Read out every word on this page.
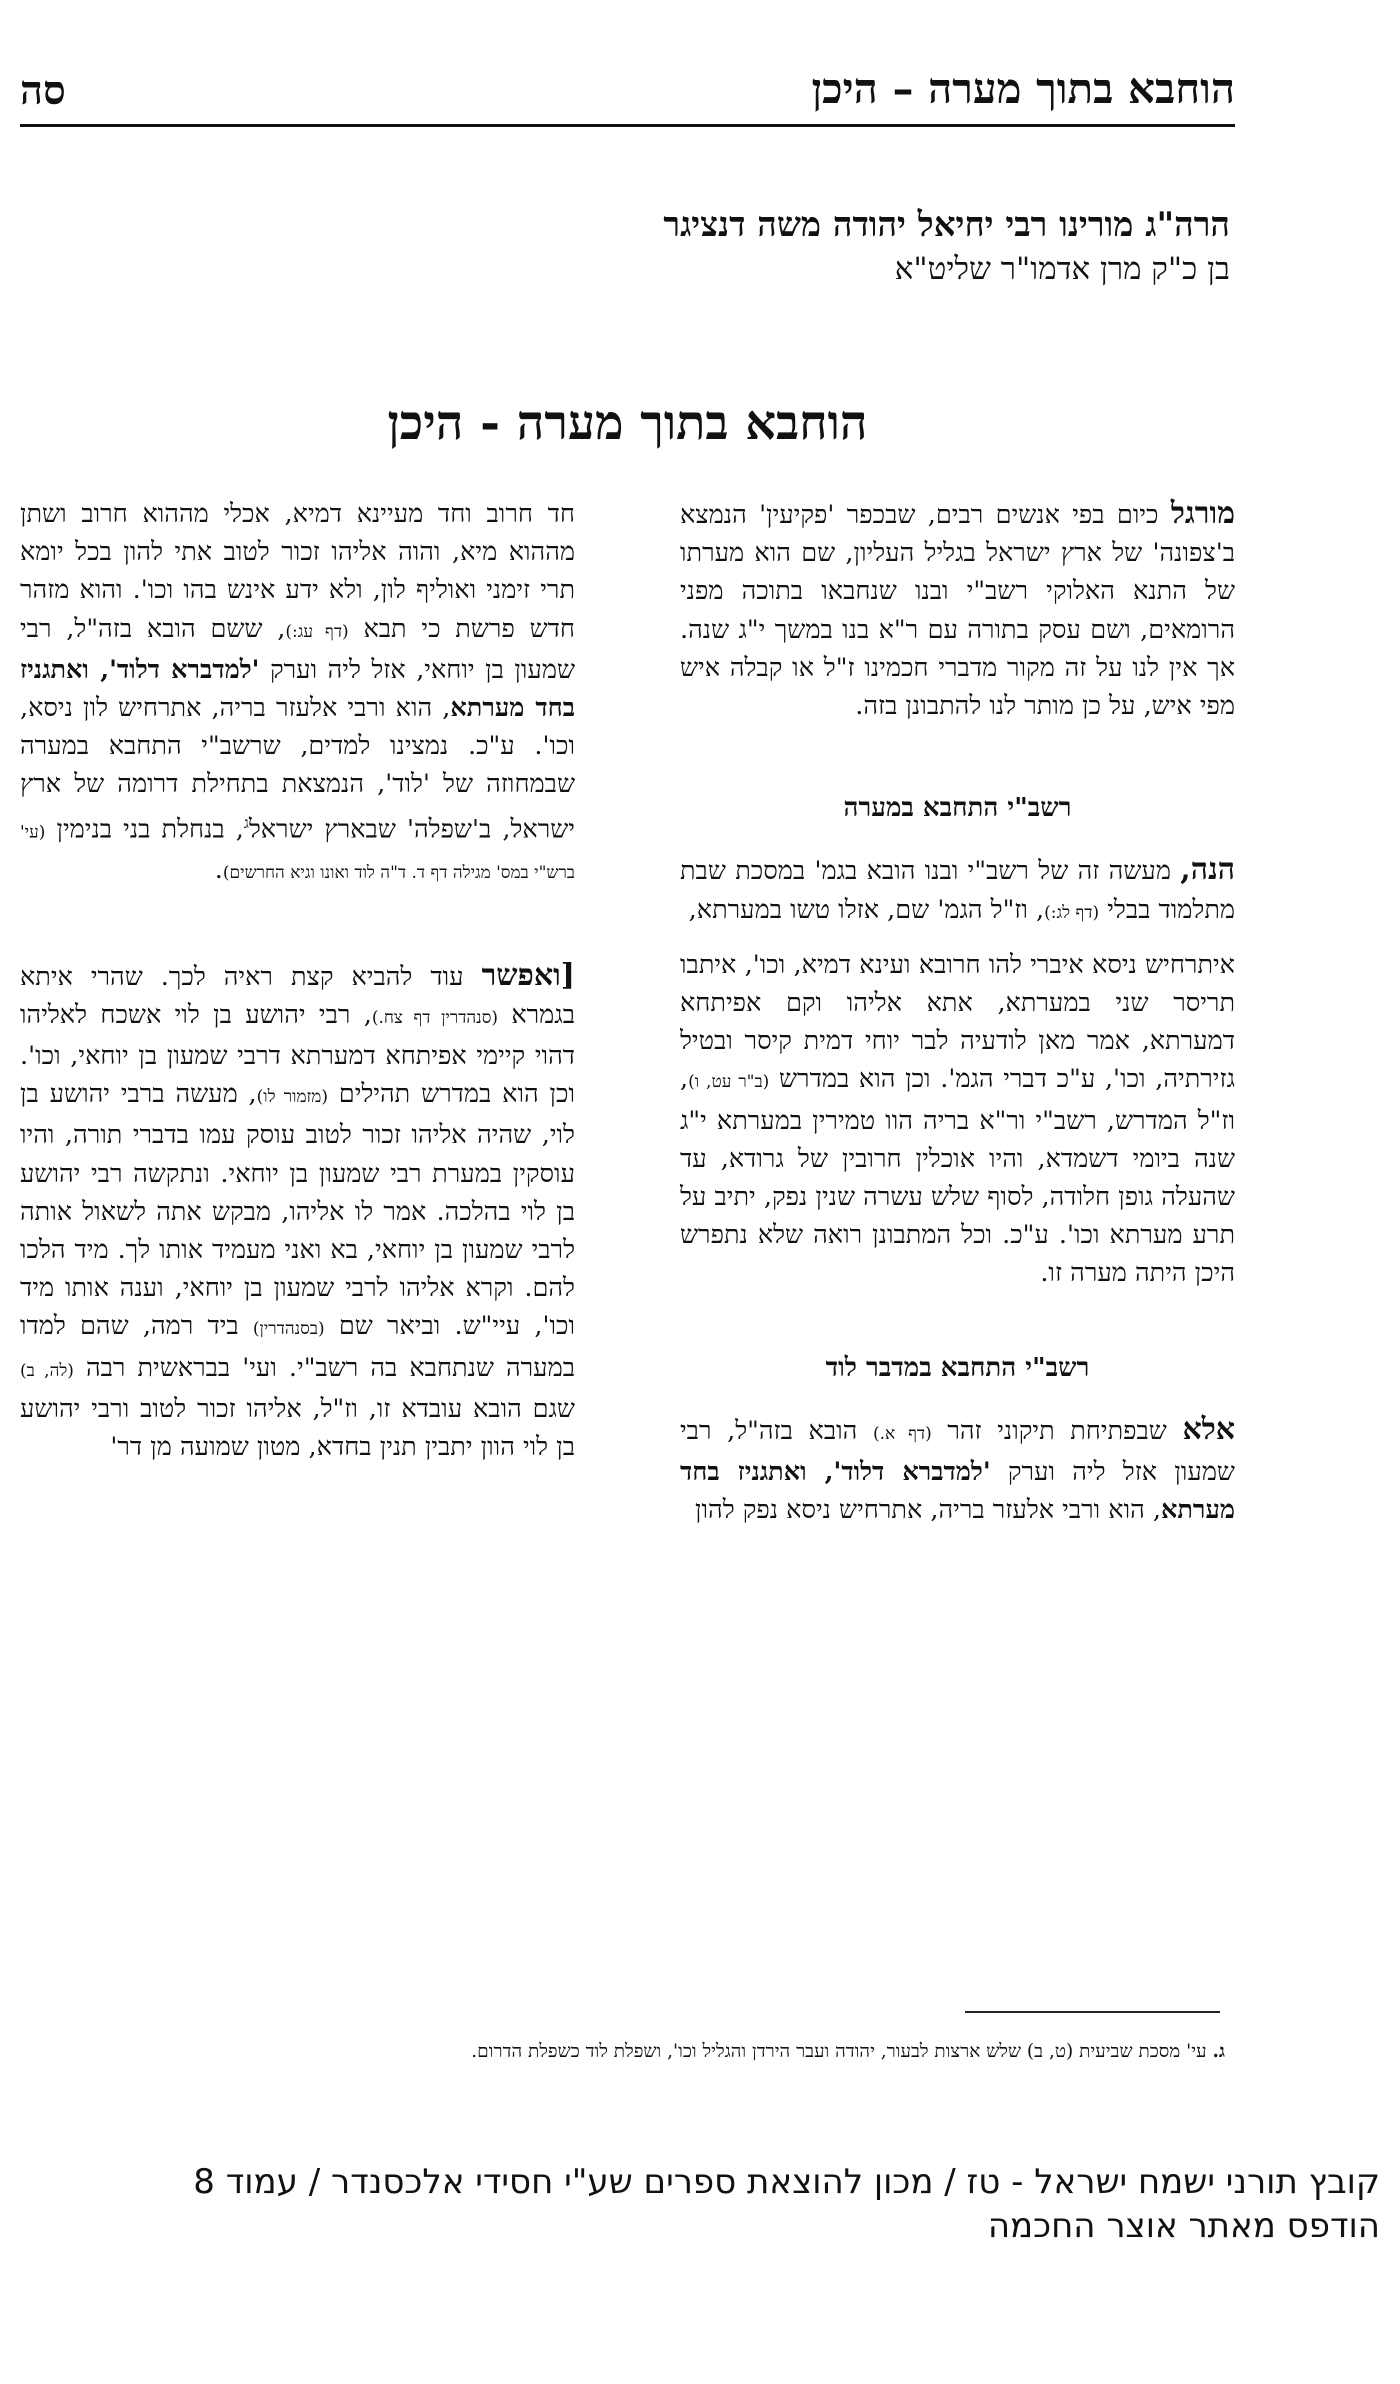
הוחבא בתוך מערה – היכן
סה

הרה"ג מורינו רבי יחיאל יהודה משה דנציגר

בן כ"ק מרן אדמו"ר שליט"א

הוחבא בתוך מערה - היכן

מורגל כיום בפי אנשים רבים, שבכפר 'פקיעין' הנמצא ב'צפונה' של ארץ ישראל בגליל העליון, שם הוא מערתו של התנא האלוקי רשב"י ובנו שנחבאו בתוכה מפני הרומאים, ושם עסק בתורה עם ר"א בנו במשך י"ג שנה. אך אין לנו על זה מקור מדברי חכמינו ז"ל או קבלה איש מפי איש, על כן מותר לנו להתבונן בזה.

רשב"י התחבא במערה

הנה, מעשה זה של רשב"י ובנו הובא בגמ' במסכת שבת מתלמוד בבלי (דף לג:), וז"ל הגמ' שם, אזלו טשו במערתא,

איתרחיש ניסא איברי להו חרובא ועינא דמיא, וכו', איתבו תריסר שני במערתא, אתא אליהו וקם אפיתחא דמערתא, אמר מאן לודעיה לבר יוחי דמית קיסר ובטיל גזירתיה, וכו', ע"כ דברי הגמ'. וכן הוא במדרש (ב"ר עט, ו), וז"ל המדרש, רשב"י ור"א בריה הוו טמירין במערתא י"ג שנה ביומי דשמדא, והיו אוכלין חרובין של גרודא, עד שהעלה גופן חלודה, לסוף שלש עשרה שנין נפק, יתיב על תרע מערתא וכו'. ע"כ. וכל המתבונן רואה שלא נתפרש היכן היתה מערה זו.

רשב"י התחבא במדבר לוד

אלא שבפתיחת תיקוני זהר (דף א.) הובא בזה"ל, רבי שמעון אזל ליה וערק 'למדברא דלוד', ואתגניז בחד מערתא, הוא ורבי אלעזר בריה, אתרחיש ניסא נפק להון

חד חרוב וחד מעיינא דמיא, אכלי מההוא חרוב ושתן מההוא מיא, והוה אליהו זכור לטוב אתי להון בכל יומא תרי זימני ואוליף לון, ולא ידע אינש בהו וכו'. והוא מזהר חדש פרשת כי תבא (דף עג:), ששם הובא בזה"ל, רבי שמעון בן יוחאי, אזל ליה וערק 'למדברא דלוד', ואתגניז בחד מערתא, הוא ורבי אלעזר בריה, אתרחיש לון ניסא, וכו'. ע"כ. נמצינו למדים, שרשב"י התחבא במערה שבמחוזה של 'לוד', הנמצאת בתחילת דרומה של ארץ ישראל, ב'שפלה' שבארץ ישראל$^ג$, בנחלת בני בנימין (עי' ברש"י במס' מגילה דף ד. ד"ה לוד ואונו וגיא החרשים).

[ואפשר עוד להביא קצת ראיה לכך. שהרי איתא בגמרא (סנהדרין דף צח.), רבי יהושע בן לוי אשכח לאליהו דהוי קיימי אפיתחא דמערתא דרבי שמעון בן יוחאי, וכו'. וכן הוא במדרש תהילים (מזמור לו), מעשה ברבי יהושע בן לוי, שהיה אליהו זכור לטוב עוסק עמו בדברי תורה, והיו עוסקין במערת רבי שמעון בן יוחאי. ונתקשה רבי יהושע בן לוי בהלכה. אמר לו אליהו, מבקש אתה לשאול אותה לרבי שמעון בן יוחאי, בא ואני מעמיד אותו לך. מיד הלכו להם. וקרא אליהו לרבי שמעון בן יוחאי, וענה אותו מיד וכו', עיי"ש. וביאר שם (בסנהדרין) ביד רמה, שהם למדו במערה שנתחבא בה רשב"י. ועי' בבראשית רבה (לה, ב) שגם הובא עובדא זו, וז"ל, אליהו זכור לטוב ורבי יהושע בן לוי הוון יתבין תנין בחדא, מטון שמועה מן דר'

ג. עי' מסכת שביעית (ט, ב) שלש ארצות לבעור, יהודה ועבר הירדן והגליל וכו', ושפלת לוד כשפלת הדרום.
קובץ תורני ישמח ישראל - טז / מכון להוצאת ספרים שע"י חסידי אלכסנדר / עמוד 8
הודפס מאתר אוצר החכמה
